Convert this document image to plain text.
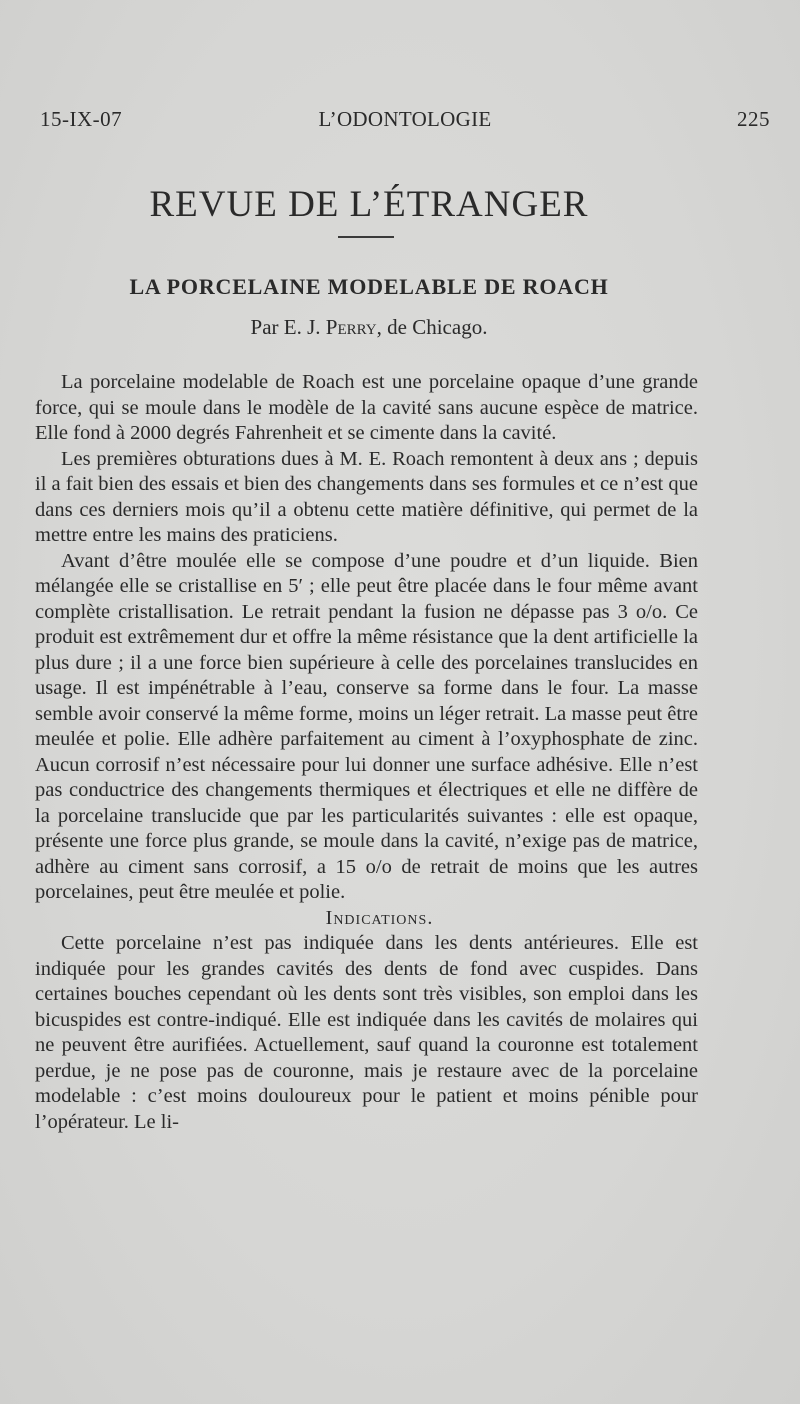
15-IX-07	L’ODONTOLOGIE	225
REVUE DE L’ÉTRANGER
LA PORCELAINE MODELABLE DE ROACH
Par E. J. Perry, de Chicago.

La porcelaine modelable de Roach est une porcelaine opaque d’une grande force, qui se moule dans le modèle de la cavité sans aucune espèce de matrice. Elle fond à 2000 degrés Fahrenheit et se cimente dans la cavité.

Les premières obturations dues à M. E. Roach remontent à deux ans ; depuis il a fait bien des essais et bien des changements dans ses formules et ce n’est que dans ces derniers mois qu’il a obtenu cette matière définitive, qui permet de la mettre entre les mains des praticiens.

Avant d’être moulée elle se compose d’une poudre et d’un liquide. Bien mélangée elle se cristallise en 5′ ; elle peut être placée dans le four même avant complète cristallisation. Le retrait pendant la fusion ne dépasse pas 3 o/o. Ce produit est extrêmement dur et offre la même résistance que la dent artificielle la plus dure ; il a une force bien supérieure à celle des porcelaines translucides en usage. Il est impénétrable à l’eau, conserve sa forme dans le four. La masse semble avoir conservé la même forme, moins un léger retrait. La masse peut être meulée et polie. Elle adhère parfaitement au ciment à l’oxyphosphate de zinc. Aucun corrosif n’est nécessaire pour lui donner une surface adhésive. Elle n’est pas conductrice des changements thermiques et électriques et elle ne diffère de la porcelaine translucide que par les particularités suivantes : elle est opaque, présente une force plus grande, se moule dans la cavité, n’exige pas de matrice, adhère au ciment sans corrosif, a 15 o/o de retrait de moins que les autres porcelaines, peut être meulée et polie.

Indications.

Cette porcelaine n’est pas indiquée dans les dents antérieures. Elle est indiquée pour les grandes cavités des dents de fond avec cuspides. Dans certaines bouches cependant où les dents sont très visibles, son emploi dans les bicuspides est contre-indiqué. Elle est indiquée dans les cavités de molaires qui ne peuvent être aurifiées. Actuellement, sauf quand la couronne est totalement perdue, je ne pose pas de couronne, mais je restaure avec de la porcelaine modelable : c’est moins douloureux pour le patient et moins pénible pour l’opérateur. Le li-
